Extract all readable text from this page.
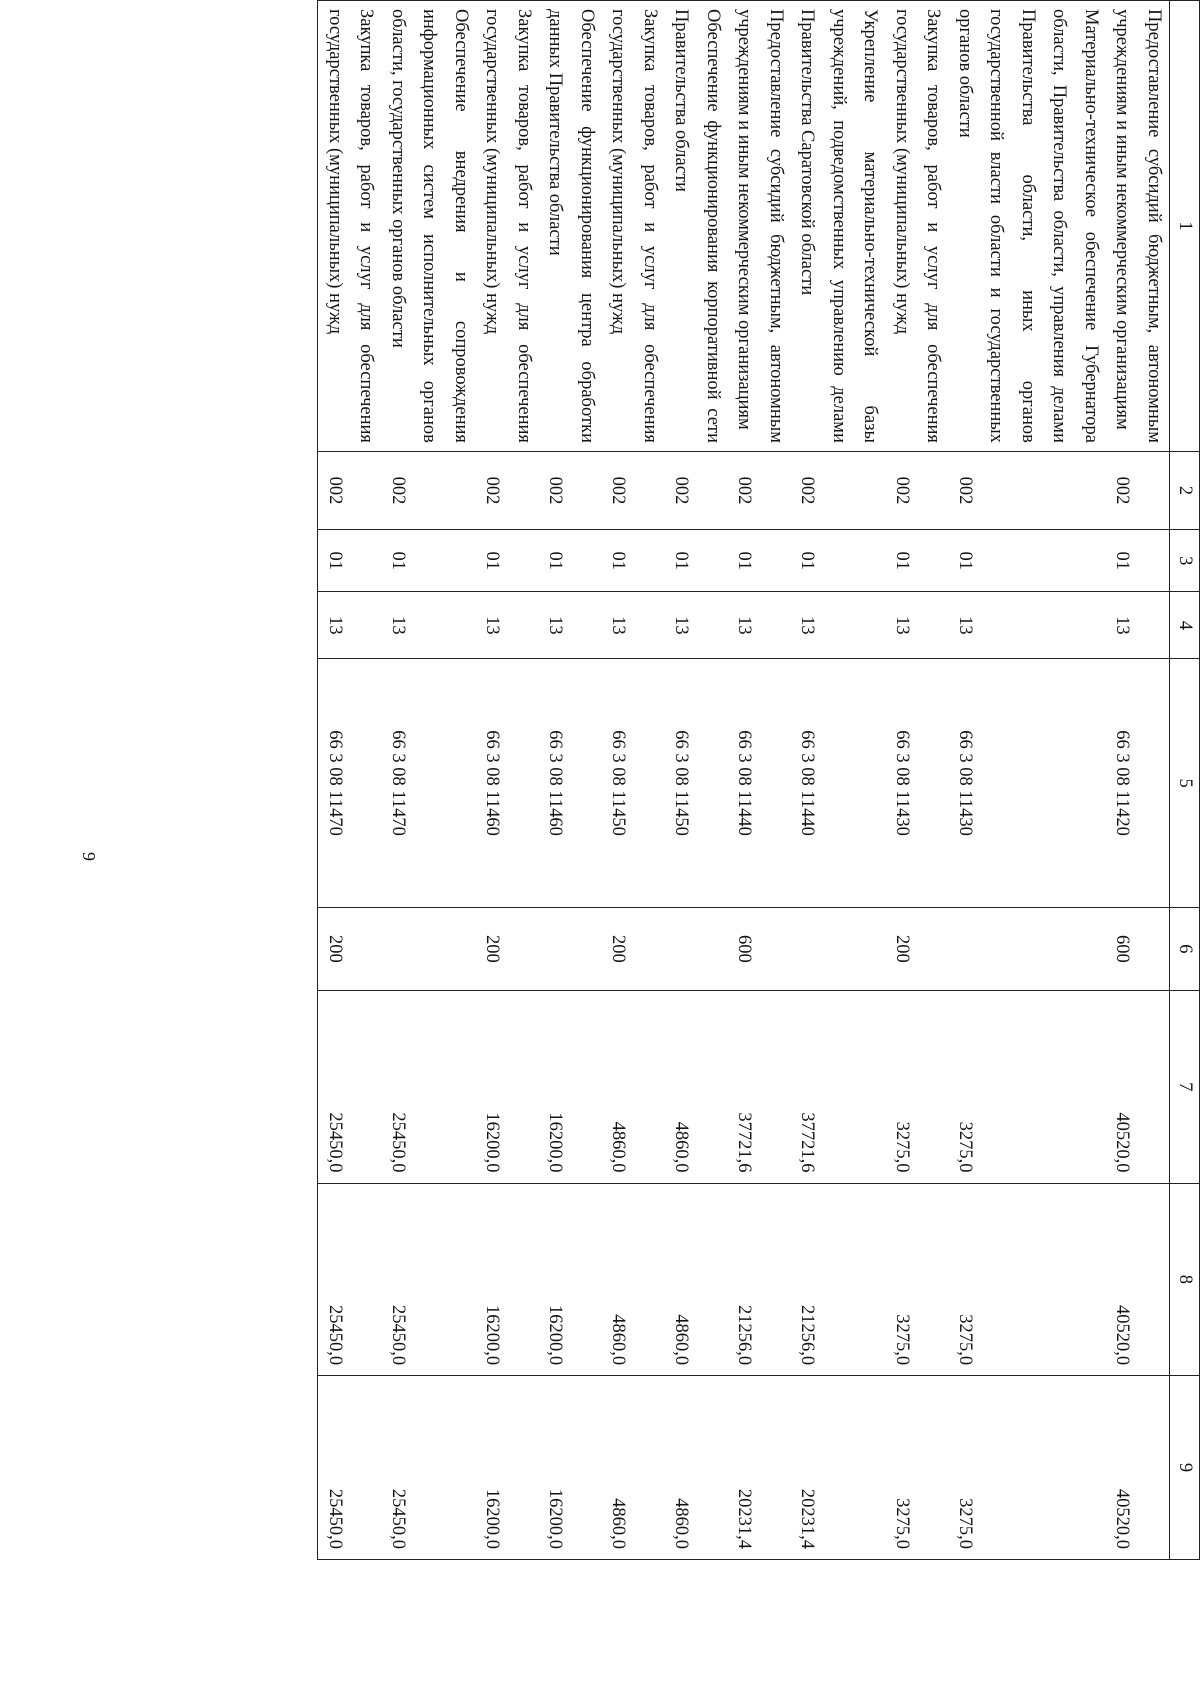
9
1	2	3	4	5	6	7	8	9
Предоставление субсидий бюджетным, автономным учреждениям и иным некоммерческим организациям	002	01	13	66 3 08 11420	600	40520,0	40520,0	40520,0
Материально-техническое обеспечение Губернатора области, Правительства области, управления делами Правительства области, иных органов государственной власти области и государственных органов области	002	01	13	66 3 08 11430		3275,0	3275,0	3275,0
Закупка товаров, работ и услуг для обеспечения государственных (муниципальных) нужд	002	01	13	66 3 08 11430	200	3275,0	3275,0	3275,0
Укрепление материально-технической базы учреждений, подведомственных управлению делами Правительства Саратовской области	002	01	13	66 3 08 11440		37721,6	21256,0	20231,4
Предоставление субсидий бюджетным, автономным учреждениям и иным некоммерческим организациям	002	01	13	66 3 08 11440	600	37721,6	21256,0	20231,4
Обеспечение функционирования корпоративной сети Правительства области	002	01	13	66 3 08 11450		4860,0	4860,0	4860,0
Закупка товаров, работ и услуг для обеспечения государственных (муниципальных) нужд	002	01	13	66 3 08 11450	200	4860,0	4860,0	4860,0
Обеспечение функционирования центра обработки данных Правительства области	002	01	13	66 3 08 11460		16200,0	16200,0	16200,0
Закупка товаров, работ и услуг для обеспечения государственных (муниципальных) нужд	002	01	13	66 3 08 11460	200	16200,0	16200,0	16200,0
Обеспечение внедрения и сопровождения информационных систем исполнительных органов области, государственных органов области	002	01	13	66 3 08 11470		25450,0	25450,0	25450,0
Закупка товаров, работ и услуг для обеспечения государственных (муниципальных) нужд	002	01	13	66 3 08 11470	200	25450,0	25450,0	25450,0
